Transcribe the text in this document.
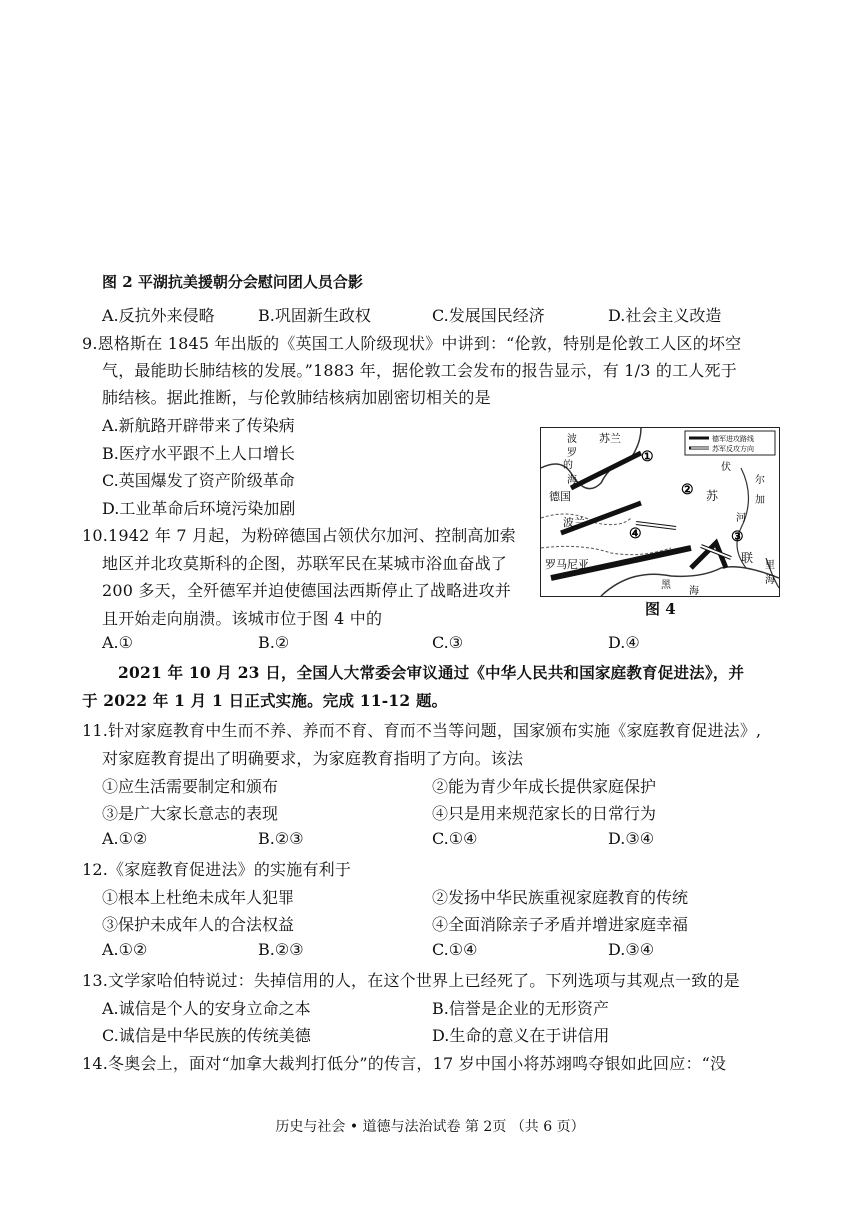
图 2 平湖抗美援朝分会慰问团人员合影
A.反抗外来侵略	B.巩固新生政权	C.发展国民经济	D.社会主义改造
9.恩格斯在 1845 年出版的《英国工人阶级现状》中讲到：“伦敦，特别是伦敦工人区的坏空
气，最能助长肺结核的发展。”1883 年，据伦敦工会发布的报告显示，有 1/3 的工人死于
肺结核。据此推断，与伦敦肺结核病加剧密切相关的是
A.新航路开辟带来了传染病
B.医疗水平跟不上人口增长
C.英国爆发了资产阶级革命
D.工业革命后环境污染加剧
德军进攻路线
苏军反攻方向
苏兰
波
罗
的
海
德国
波兰
罗马尼亚
苏
联
伏
尔
加
河
黑
海
里
海
①
②
③
④
图 4
10.1942 年 7 月起，为粉碎德国占领伏尔加河、控制高加索
地区并北攻莫斯科的企图，苏联军民在某城市浴血奋战了
200 多天，全歼德军并迫使德国法西斯停止了战略进攻并
且开始走向崩溃。该城市位于图 4 中的
A.①	B.②	C.③	D.④
2021 年 10 月 23 日，全国人大常委会审议通过《中华人民共和国家庭教育促进法》，并
于 2022 年 1 月 1 日正式实施。完成 11-12 题。
11.针对家庭教育中生而不养、养而不育、育而不当等问题，国家颁布实施《家庭教育促进法》,
对家庭教育提出了明确要求，为家庭教育指明了方向。该法
①应生活需要制定和颁布	②能为青少年成长提供家庭保护
③是广大家长意志的表现	④只是用来规范家长的日常行为
A.①②	B.②③	C.①④	D.③④
12.《家庭教育促进法》的实施有利于
①根本上杜绝未成年人犯罪	②发扬中华民族重视家庭教育的传统
③保护未成年人的合法权益	④全面消除亲子矛盾并增进家庭幸福
A.①②	B.②③	C.①④	D.③④
13.文学家哈伯特说过：失掉信用的人，在这个世界上已经死了。下列选项与其观点一致的是
A.诚信是个人的安身立命之本	B.信誉是企业的无形资产
C.诚信是中华民族的传统美德	D.生命的意义在于讲信用
14.冬奥会上，面对“加拿大裁判打低分”的传言，17 岁中国小将苏翊鸣夺银如此回应：“没
历史与社会 • 道德与法治试卷 第 2页 （共 6 页）
